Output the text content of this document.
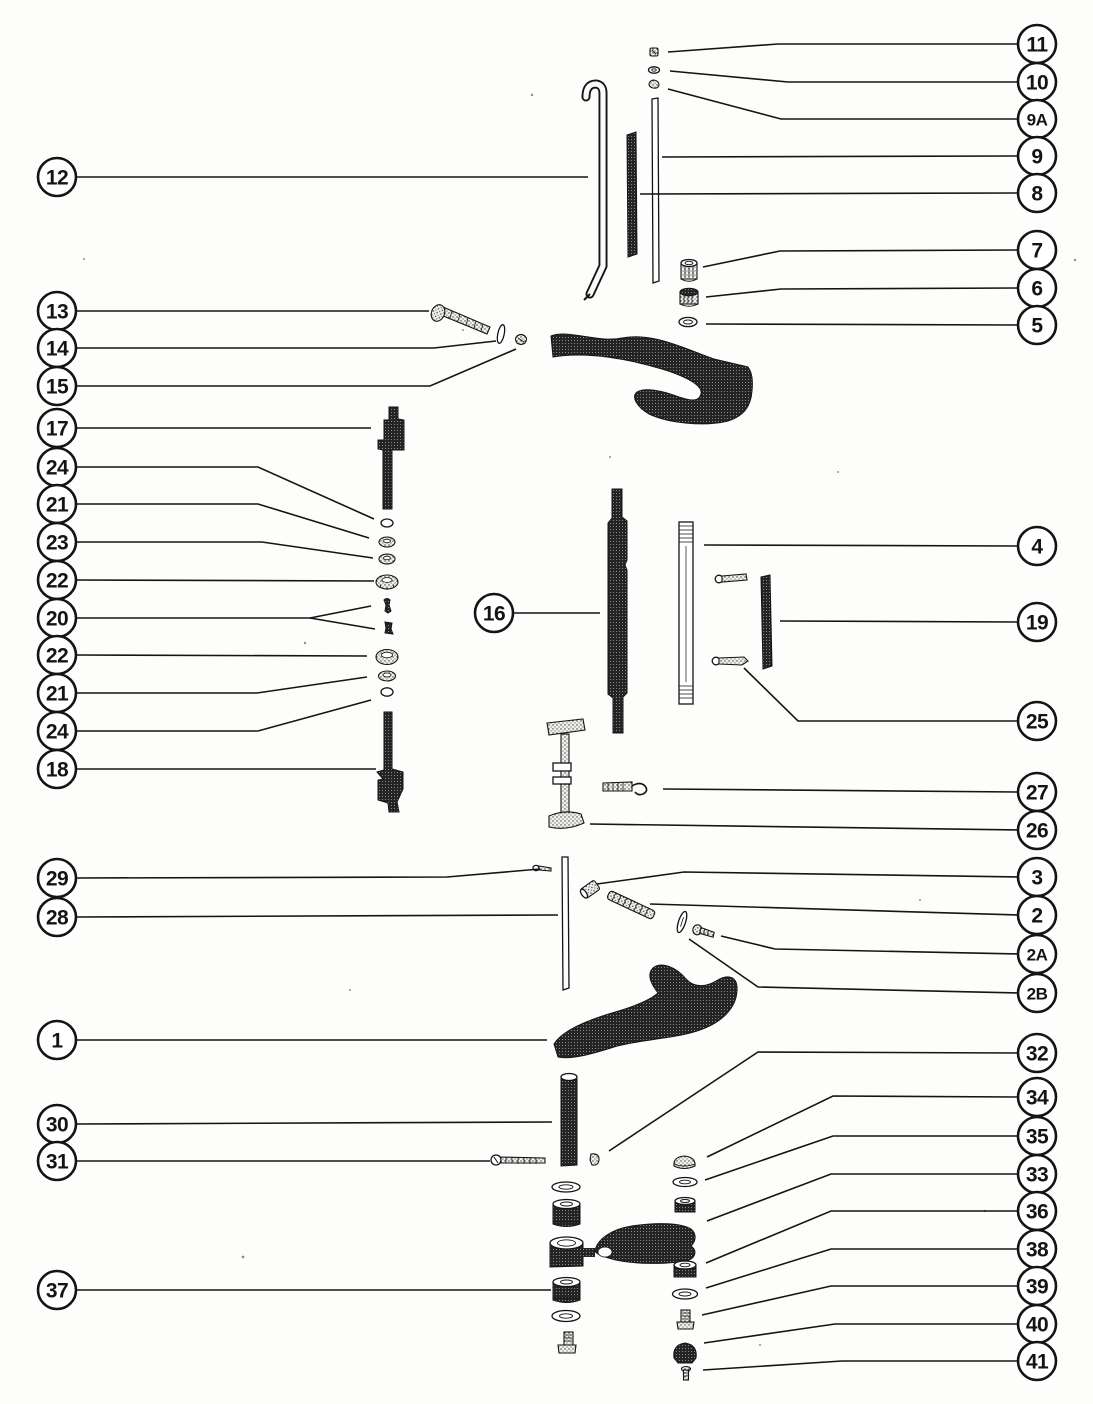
12
13
14
15
17
24
21
23
22
20
22
21
24
18
29
28
1
30
31
37
16
11
10
9A
9
8
7
6
5
4
19
25
27
26
3
2
2A
2B
32
34
35
33
36
38
39
40
41
